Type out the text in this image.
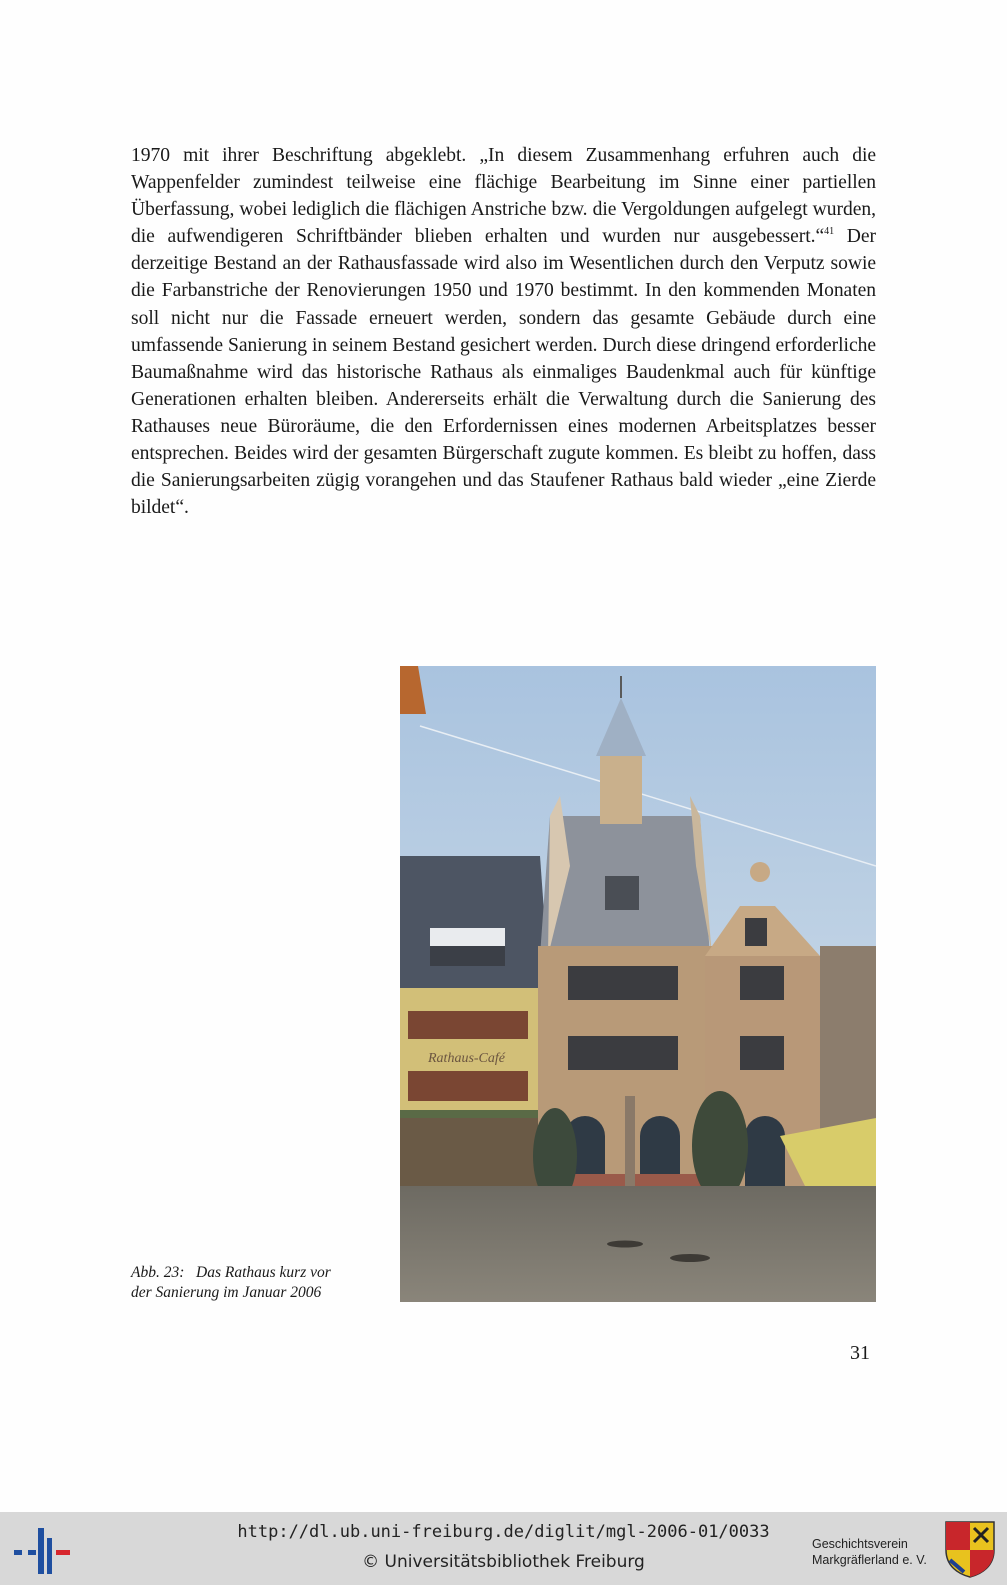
1970 mit ihrer Beschriftung abgeklebt. „In diesem Zusammenhang erfuhren auch die Wappenfelder zumindest teilweise eine flächige Bearbeitung im Sinne einer partiellen Überfassung, wobei lediglich die flächigen Anstriche bzw. die Vergoldungen aufgelegt wurden, die aufwendigeren Schriftbänder blieben erhalten und wurden nur ausgebessert.“$^{41}$ Der derzeitige Bestand an der Rathausfassade wird also im Wesentlichen durch den Verputz sowie die Farbanstriche der Renovierungen 1950 und 1970 bestimmt. In den kommenden Monaten soll nicht nur die Fassade erneuert werden, sondern das gesamte Gebäude durch eine umfassende Sanierung in seinem Bestand gesichert werden. Durch diese dringend erforderliche Baumaßnahme wird das historische Rathaus als einmaliges Baudenkmal auch für künftige Generationen erhalten bleiben. Andererseits erhält die Verwaltung durch die Sanierung des Rathauses neue Büroräume, die den Erfordernissen eines modernen Arbeitsplatzes besser entsprechen. Beides wird der gesamten Bürgerschaft zugute kommen. Es bleibt zu hoffen, dass die Sanierungsarbeiten zügig vorangehen und das Staufener Rathaus bald wieder „eine Zierde bildet“.

Rathaus-Café
Abb. 23:   Das Rathaus kurz vor
der Sanierung im Januar 2006
31
http://dl.ub.uni-freiburg.de/diglit/mgl-2006-01/0033
© Universitätsbibliothek Freiburg
Geschichtsverein
Markgräflerland e. V.
